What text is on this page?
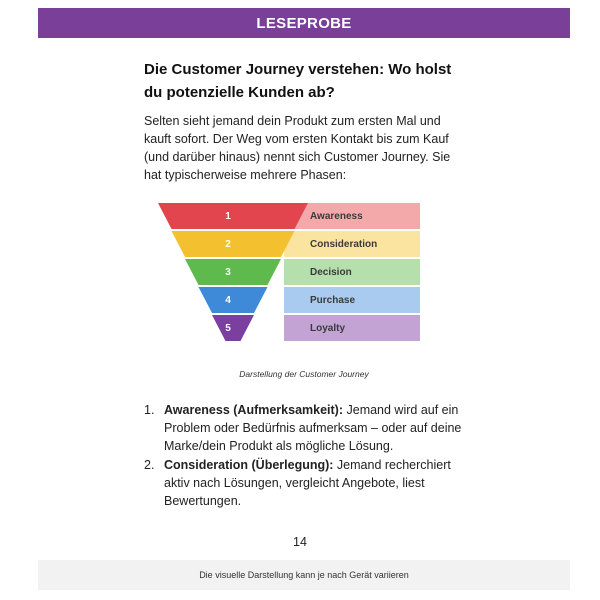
LESEPROBE
Die Customer Journey verstehen: Wo holst du potenzielle Kunden ab?
Selten sieht jemand dein Produkt zum ersten Mal und kauft sofort. Der Weg vom ersten Kontakt bis zum Kauf (und darüber hinaus) nennt sich Customer Journey. Sie hat typischerweise mehrere Phasen:
1	Awareness
2	Consideration
3	Decision
4	Purchase
5	Loyalty
Darstellung der Customer Journey
1. Awareness (Aufmerksamkeit): Jemand wird auf ein Problem oder Bedürfnis aufmerksam – oder auf deine Marke/dein Produkt als mögliche Lösung.
2. Consideration (Überlegung): Jemand recherchiert aktiv nach Lösungen, vergleicht Angebote, liest Bewertungen.
14
Die visuelle Darstellung kann je nach Gerät variieren
